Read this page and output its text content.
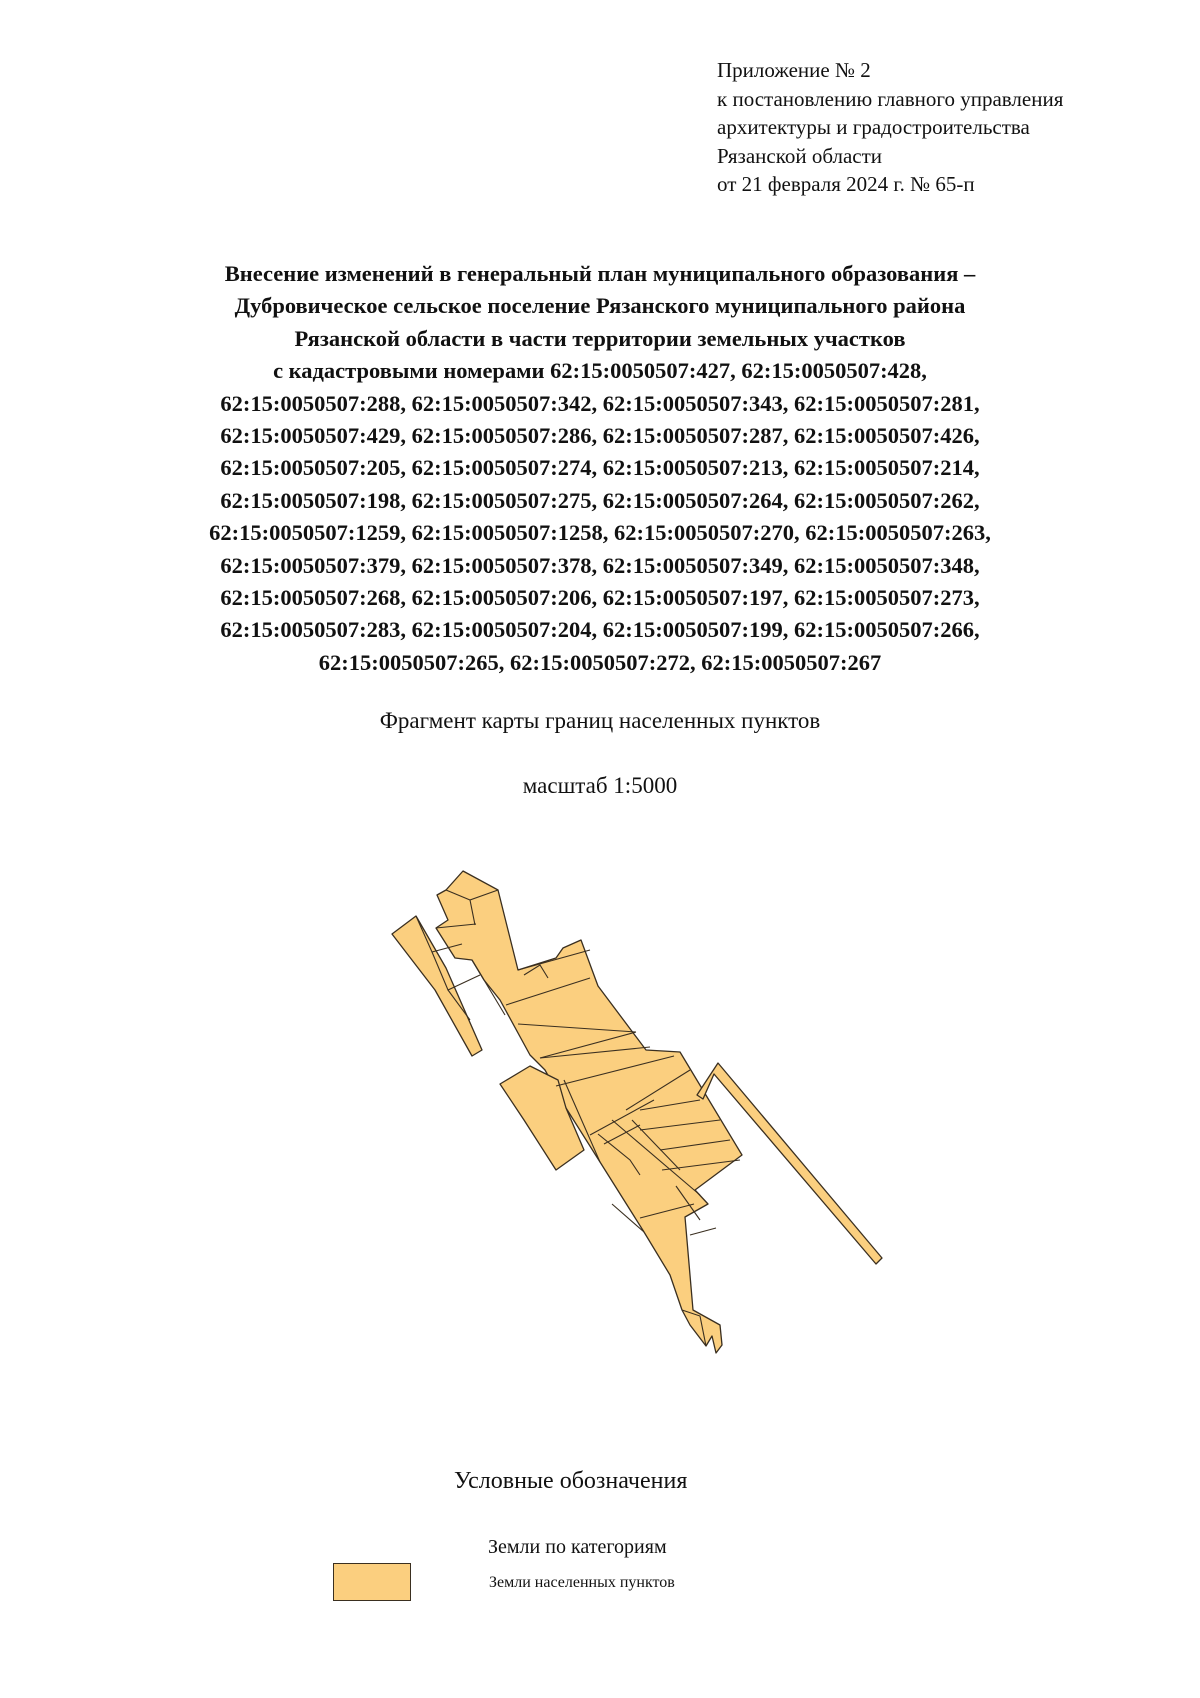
Приложение № 2
к постановлению главного управления
архитектуры и градостроительства
Рязанской области
от 21 февраля 2024 г. № 65-п
Внесение изменений в генеральный план муниципального образования –
Дубровическое сельское поселение Рязанского муниципального района
Рязанской области в части территории земельных участков
с кадастровыми номерами 62:15:0050507:427, 62:15:0050507:428,
62:15:0050507:288, 62:15:0050507:342, 62:15:0050507:343, 62:15:0050507:281,
62:15:0050507:429, 62:15:0050507:286, 62:15:0050507:287, 62:15:0050507:426,
62:15:0050507:205, 62:15:0050507:274, 62:15:0050507:213, 62:15:0050507:214,
62:15:0050507:198, 62:15:0050507:275, 62:15:0050507:264, 62:15:0050507:262,
62:15:0050507:1259, 62:15:0050507:1258, 62:15:0050507:270, 62:15:0050507:263,
62:15:0050507:379, 62:15:0050507:378, 62:15:0050507:349, 62:15:0050507:348,
62:15:0050507:268, 62:15:0050507:206, 62:15:0050507:197, 62:15:0050507:273,
62:15:0050507:283, 62:15:0050507:204, 62:15:0050507:199, 62:15:0050507:266,
62:15:0050507:265, 62:15:0050507:272, 62:15:0050507:267
Фрагмент карты границ населенных пунктов
масштаб 1:5000
Условные обозначения
Земли по категориям
Земли населенных пунктов
